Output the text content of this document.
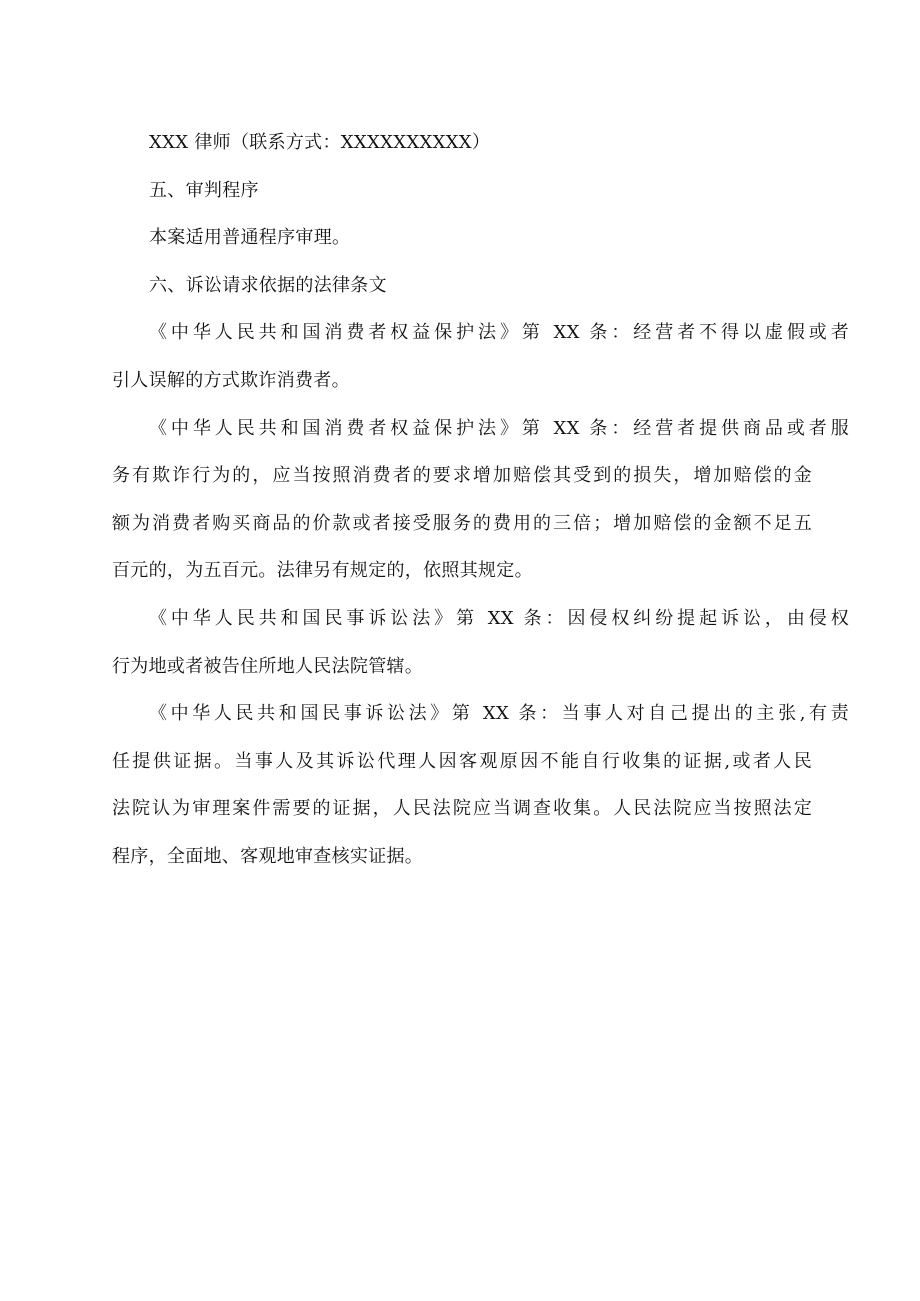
XXX 律师（联系方式：XXXXXXXXXX）
五、审判程序
本案适用普通程序审理。
六、诉讼请求依据的法律条文
《中华人民共和国消费者权益保护法》第 XX 条：经营者不得以虚假或者
引人误解的方式欺诈消费者。
《中华人民共和国消费者权益保护法》第 XX 条：经营者提供商品或者服
务有欺诈行为的，应当按照消费者的要求增加赔偿其受到的损失，增加赔偿的金
额为消费者购买商品的价款或者接受服务的费用的三倍；增加赔偿的金额不足五
百元的，为五百元。法律另有规定的，依照其规定。
《中华人民共和国民事诉讼法》第 XX 条：因侵权纠纷提起诉讼，由侵权
行为地或者被告住所地人民法院管辖。
《中华人民共和国民事诉讼法》第 XX 条：当事人对自己提出的主张,有责
任提供证据。当事人及其诉讼代理人因客观原因不能自行收集的证据,或者人民
法院认为审理案件需要的证据，人民法院应当调查收集。人民法院应当按照法定
程序，全面地、客观地审查核实证据。
